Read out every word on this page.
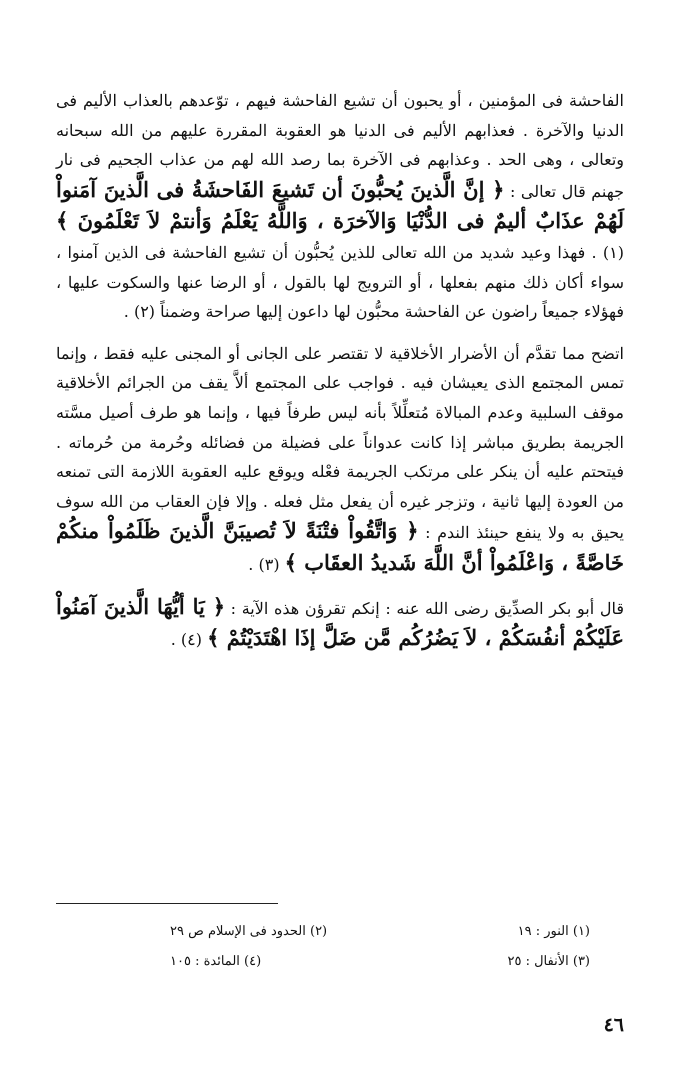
الفاحشة فى المؤمنين ، أو يحبون أن تشيع الفاحشة فيهم ، توّعدهم بالعذاب الأليم فى الدنيا والآخرة . فعذابهم الأليم فى الدنيا هو العقوبة المقررة عليهم من الله سبحانه وتعالى ، وهى الحد . وعذابهم فى الآخرة بما رصد الله لهم من عذاب الجحيم فى نار جهنم قال تعالى : ﴿ إنَّ الَّذينَ يُحبُّونَ أن تَشيعَ الفَاحشَةُ فى الَّذينَ آمَنواْ لَهُمْ عذَابٌ أليمٌ فى الدُّنْيَا وَالآخرَة ، وَاللَّهُ يَعْلَمُ وَأنتمْ لاَ تَعْلَمُونَ ﴾ (١) . فهذا وعيد شديد من الله تعالى للذين يُحبُّون أن تشيع الفاحشة فى الذين آمنوا ، سواء أكان ذلك منهم بفعلها ، أو الترويج لها بالقول ، أو الرضا عنها والسكوت عليها ، فهؤلاء جميعاً راضون عن الفاحشة محبُّون لها داعون إليها صراحة وضمناً (٢) .

اتضح مما تقدَّم أن الأضرار الأخلاقية لا تقتصر على الجانى أو المجنى عليه فقط ، وإنما تمس المجتمع الذى يعيشان فيه . فواجب على المجتمع ألاَّ يقف من الجرائم الأخلاقية موقف السلبية وعدم المبالاة مُتعلِّلاً بأنه ليس طرفاً فيها ، وإنما هو طرف أصيل مسَّته الجريمة بطريق مباشر إذا كانت عدواناً على فضيلة من فضائله وحُرمة من حُرماته . فيتحتم عليه أن ينكر على مرتكب الجريمة فعْله ويوقع عليه العقوبة اللازمة التى تمنعه من العودة إليها ثانية ، وتزجر غيره أن يفعل مثل فعله . وإلا فإن العقاب من الله سوف يحيق به ولا ينفع حينئذ الندم : ﴿ وَاتَّقُواْ فتْنَةً لاَ تُصيبَنَّ الَّذينَ ظَلَمُواْ منكُمْ خَاصَّةً ، وَاعْلَمُواْ أنَّ اللَّهَ شَديدُ العقَاب ﴾ (٣) .

قال أبو بكر الصدِّيق رضى الله عنه : إنكم تقرؤن هذه الآية : ﴿ يَا أيُّهَا الَّذينَ آمَنُواْ عَلَيْكُمْ أنفُسَكُمْ ، لاَ يَضُرُكُم مَّن ضَلَّ إذَا اهْتَدَيْتُمْ ﴾ (٤) .

(١) النور : ١٩
(٢) الحدود فى الإسلام ص ٢٩
(٣) الأنفال : ٢٥
(٤) المائدة : ١٠٥
٤٦
